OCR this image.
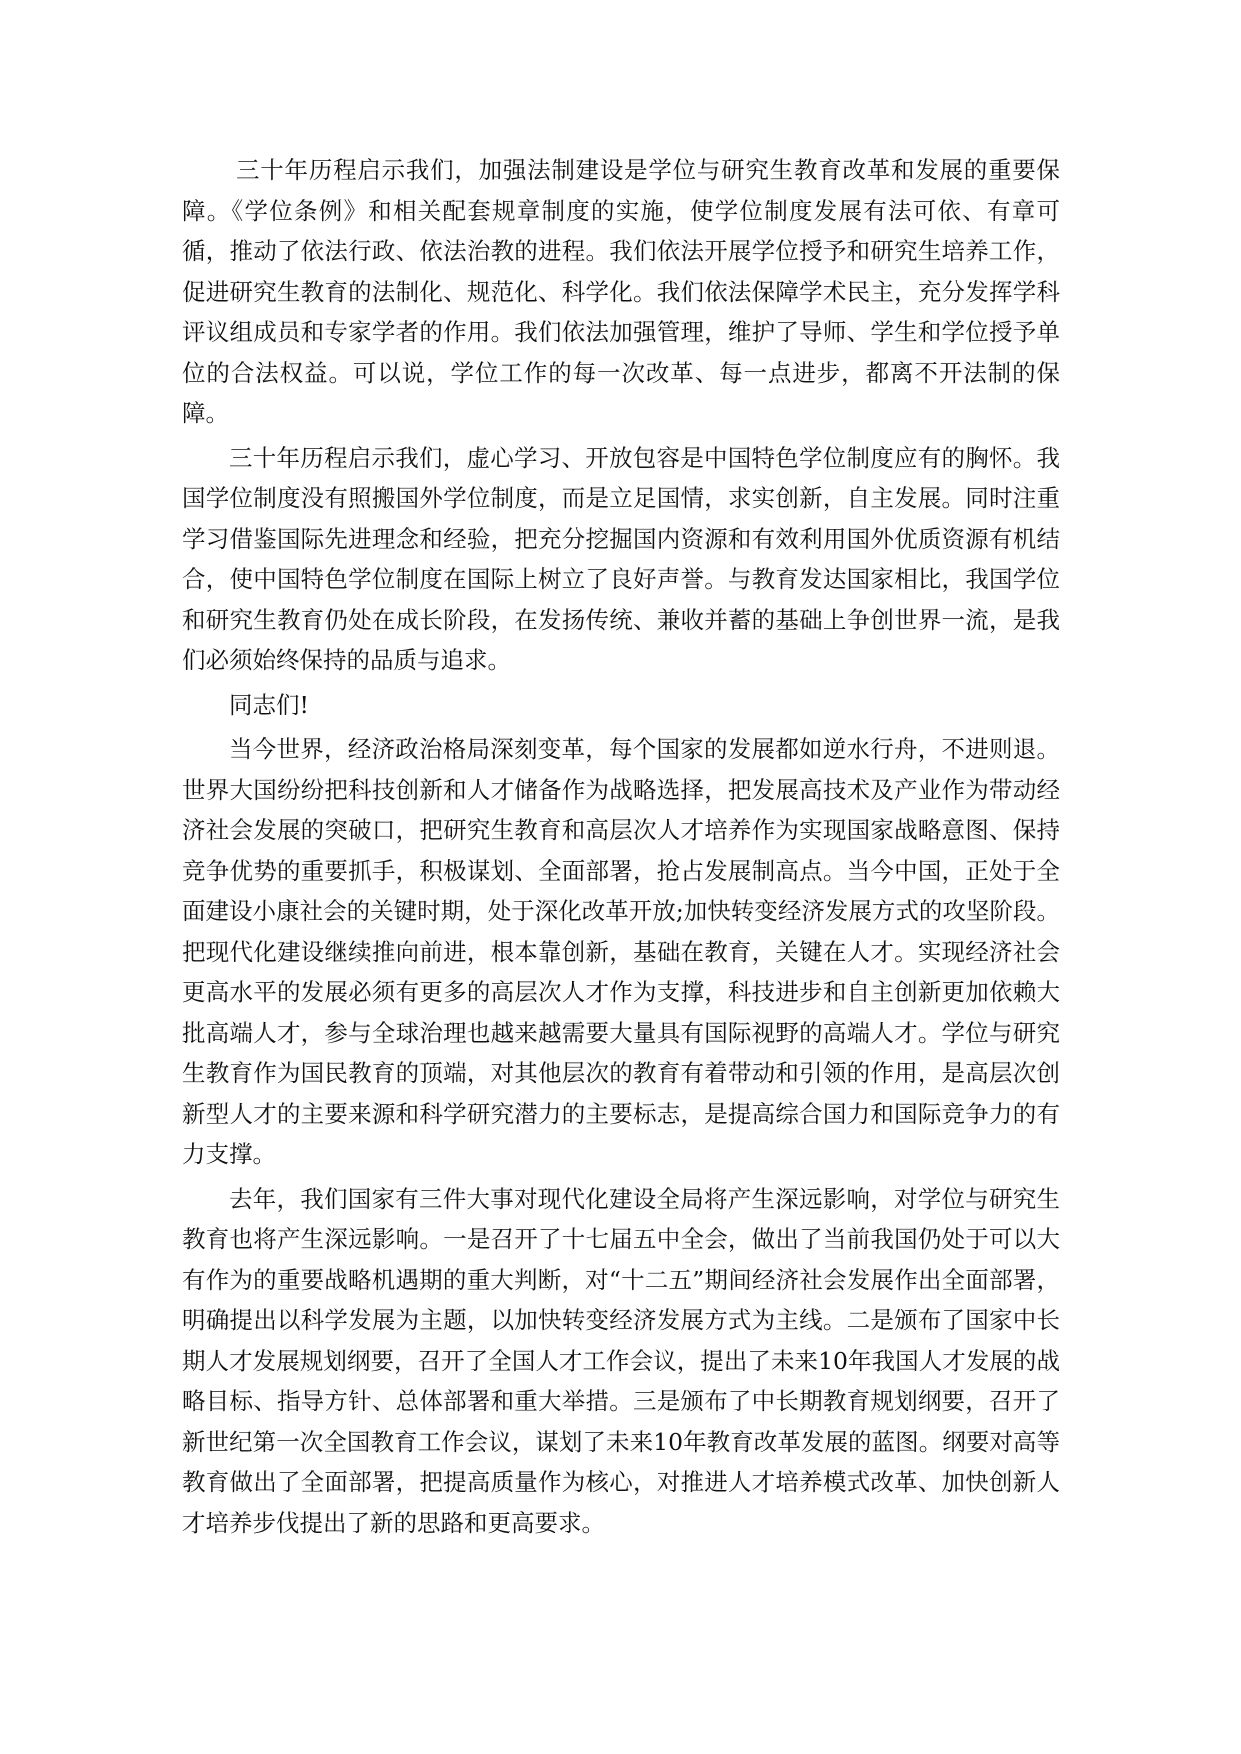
三十年历程启示我们，加强法制建设是学位与研究生教育改革和发展的重要保障。《学位条例》和相关配套规章制度的实施，使学位制度发展有法可依、有章可循，推动了依法行政、依法治教的进程。我们依法开展学位授予和研究生培养工作，促进研究生教育的法制化、规范化、科学化。我们依法保障学术民主，充分发挥学科评议组成员和专家学者的作用。我们依法加强管理，维护了导师、学生和学位授予单位的合法权益。可以说，学位工作的每一次改革、每一点进步，都离不开法制的保障。

三十年历程启示我们，虚心学习、开放包容是中国特色学位制度应有的胸怀。我国学位制度没有照搬国外学位制度，而是立足国情，求实创新，自主发展。同时注重学习借鉴国际先进理念和经验，把充分挖掘国内资源和有效利用国外优质资源有机结合，使中国特色学位制度在国际上树立了良好声誉。与教育发达国家相比，我国学位和研究生教育仍处在成长阶段，在发扬传统、兼收并蓄的基础上争创世界一流，是我们必须始终保持的品质与追求。

同志们!

当今世界，经济政治格局深刻变革，每个国家的发展都如逆水行舟，不进则退。世界大国纷纷把科技创新和人才储备作为战略选择，把发展高技术及产业作为带动经济社会发展的突破口，把研究生教育和高层次人才培养作为实现国家战略意图、保持竞争优势的重要抓手，积极谋划、全面部署，抢占发展制高点。当今中国，正处于全面建设小康社会的关键时期，处于深化改革开放;加快转变经济发展方式的攻坚阶段。把现代化建设继续推向前进，根本靠创新，基础在教育，关键在人才。实现经济社会更高水平的发展必须有更多的高层次人才作为支撑，科技进步和自主创新更加依赖大批高端人才，参与全球治理也越来越需要大量具有国际视野的高端人才。学位与研究生教育作为国民教育的顶端，对其他层次的教育有着带动和引领的作用，是高层次创新型人才的主要来源和科学研究潜力的主要标志，是提高综合国力和国际竞争力的有力支撑。

去年，我们国家有三件大事对现代化建设全局将产生深远影响，对学位与研究生教育也将产生深远影响。一是召开了十七届五中全会，做出了当前我国仍处于可以大有作为的重要战略机遇期的重大判断，对“十二五”期间经济社会发展作出全面部署，明确提出以科学发展为主题，以加快转变经济发展方式为主线。二是颁布了国家中长期人才发展规划纲要，召开了全国人才工作会议，提出了未来10年我国人才发展的战略目标、指导方针、总体部署和重大举措。三是颁布了中长期教育规划纲要，召开了新世纪第一次全国教育工作会议，谋划了未来10年教育改革发展的蓝图。纲要对高等教育做出了全面部署，把提高质量作为核心，对推进人才培养模式改革、加快创新人才培养步伐提出了新的思路和更高要求。
